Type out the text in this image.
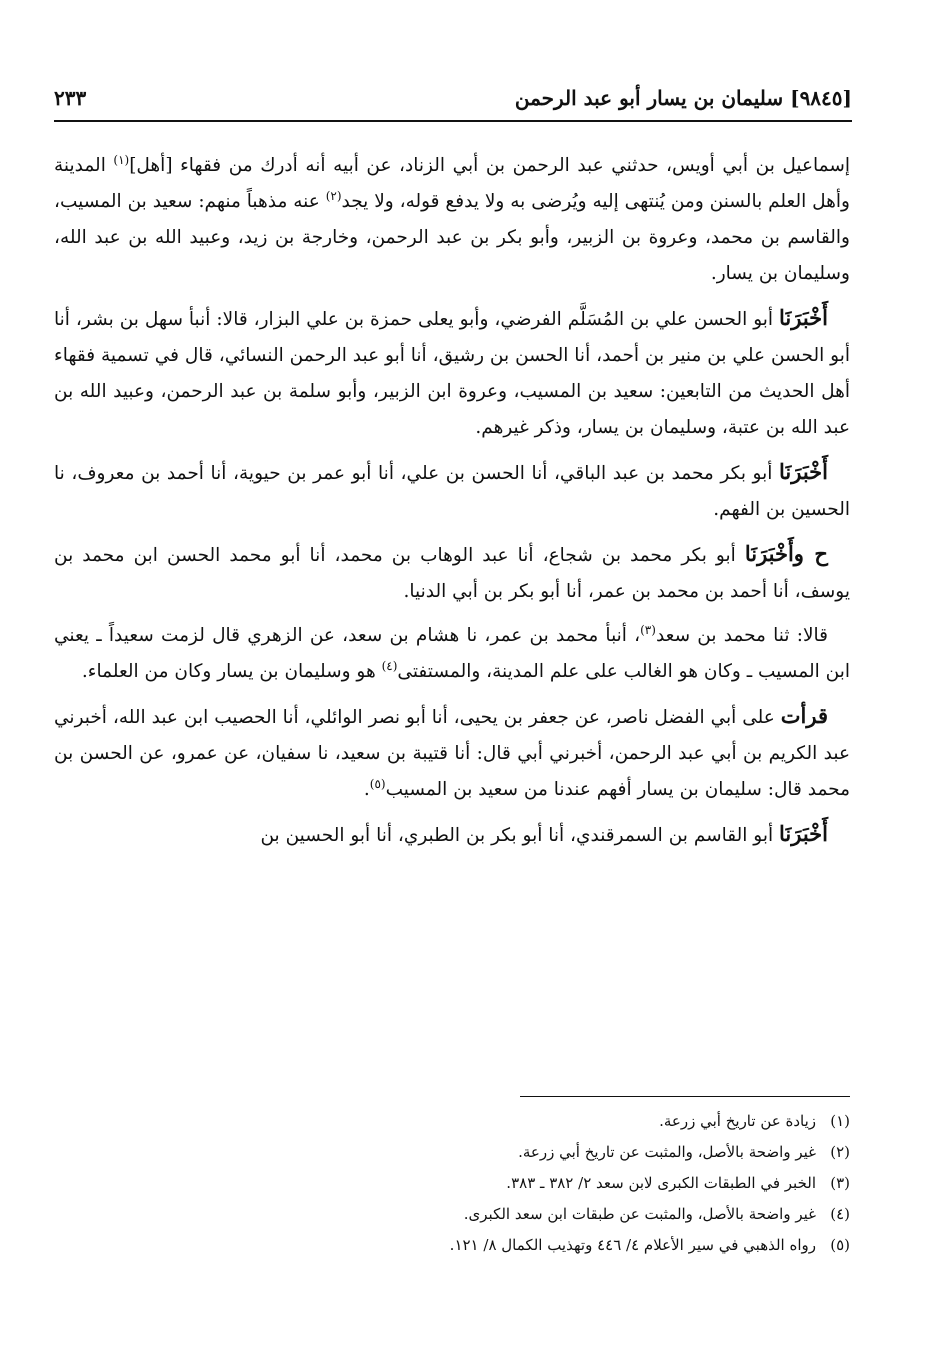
[٩٨٤٥] سليمان بن يسار أبو عبد الرحمن
٢٣٣

إسماعيل بن أبي أويس، حدثني عبد الرحمن بن أبي الزناد، عن أبيه أنه أدرك من فقهاء [أهل]$^{(١)}$ المدينة وأهل العلم بالسنن ومن يُنتهى إليه ويُرضى به ولا يدفع قوله، ولا يجد$^{(٢)}$ عنه مذهباً منهم: سعيد بن المسيب، والقاسم بن محمد، وعروة بن الزبير، وأبو بكر بن عبد الرحمن، وخارجة بن زيد، وعبيد الله بن عبد الله، وسليمان بن يسار.

أَخْبَرَنَا أبو الحسن علي بن المُسَلَّم الفرضي، وأبو يعلى حمزة بن علي البزار، قالا: أنبأ سهل بن بشر، أنا أبو الحسن علي بن منير بن أحمد، أنا الحسن بن رشيق، أنا أبو عبد الرحمن النسائي، قال في تسمية فقهاء أهل الحديث من التابعين: سعيد بن المسيب، وعروة ابن الزبير، وأبو سلمة بن عبد الرحمن، وعبيد الله بن عبد الله بن عتبة، وسليمان بن يسار، وذكر غيرهم.

أَخْبَرَنَا أبو بكر محمد بن عبد الباقي، أنا الحسن بن علي، أنا أبو عمر بن حيوية، أنا أحمد بن معروف، نا الحسين بن الفهم.

ح وأَخْبَرَنَا أبو بكر محمد بن شجاع، أنا عبد الوهاب بن محمد، أنا أبو محمد الحسن ابن محمد بن يوسف، أنا أحمد بن محمد بن عمر، أنا أبو بكر بن أبي الدنيا.

قالا: ثنا محمد بن سعد$^{(٣)}$، أنبأ محمد بن عمر، نا هشام بن سعد، عن الزهري قال لزمت سعيداً ـ يعني ابن المسيب ـ وكان هو الغالب على علم المدينة، والمستفتى$^{(٤)}$ هو وسليمان بن يسار وكان من العلماء.

قرأت على أبي الفضل ناصر، عن جعفر بن يحيى، أنا أبو نصر الوائلي، أنا الحصيب ابن عبد الله، أخبرني عبد الكريم بن أبي عبد الرحمن، أخبرني أبي قال: أنا قتيبة بن سعيد، نا سفيان، عن عمرو، عن الحسن بن محمد قال: سليمان بن يسار أفهم عندنا من سعيد بن المسيب$^{(٥)}$.

أَخْبَرَنَا أبو القاسم بن السمرقندي، أنا أبو بكر بن الطبري، أنا أبو الحسين بن

(١)زيادة عن تاريخ أبي زرعة.
(٢)غير واضحة بالأصل، والمثبت عن تاريخ أبي زرعة.
(٣)الخبر في الطبقات الكبرى لابن سعد ٢/ ٣٨٢ ـ ٣٨٣.
(٤)غير واضحة بالأصل، والمثبت عن طبقات ابن سعد الكبرى.
(٥)رواه الذهبي في سير الأعلام ٤/ ٤٤٦ وتهذيب الكمال ٨/ ١٢١.
